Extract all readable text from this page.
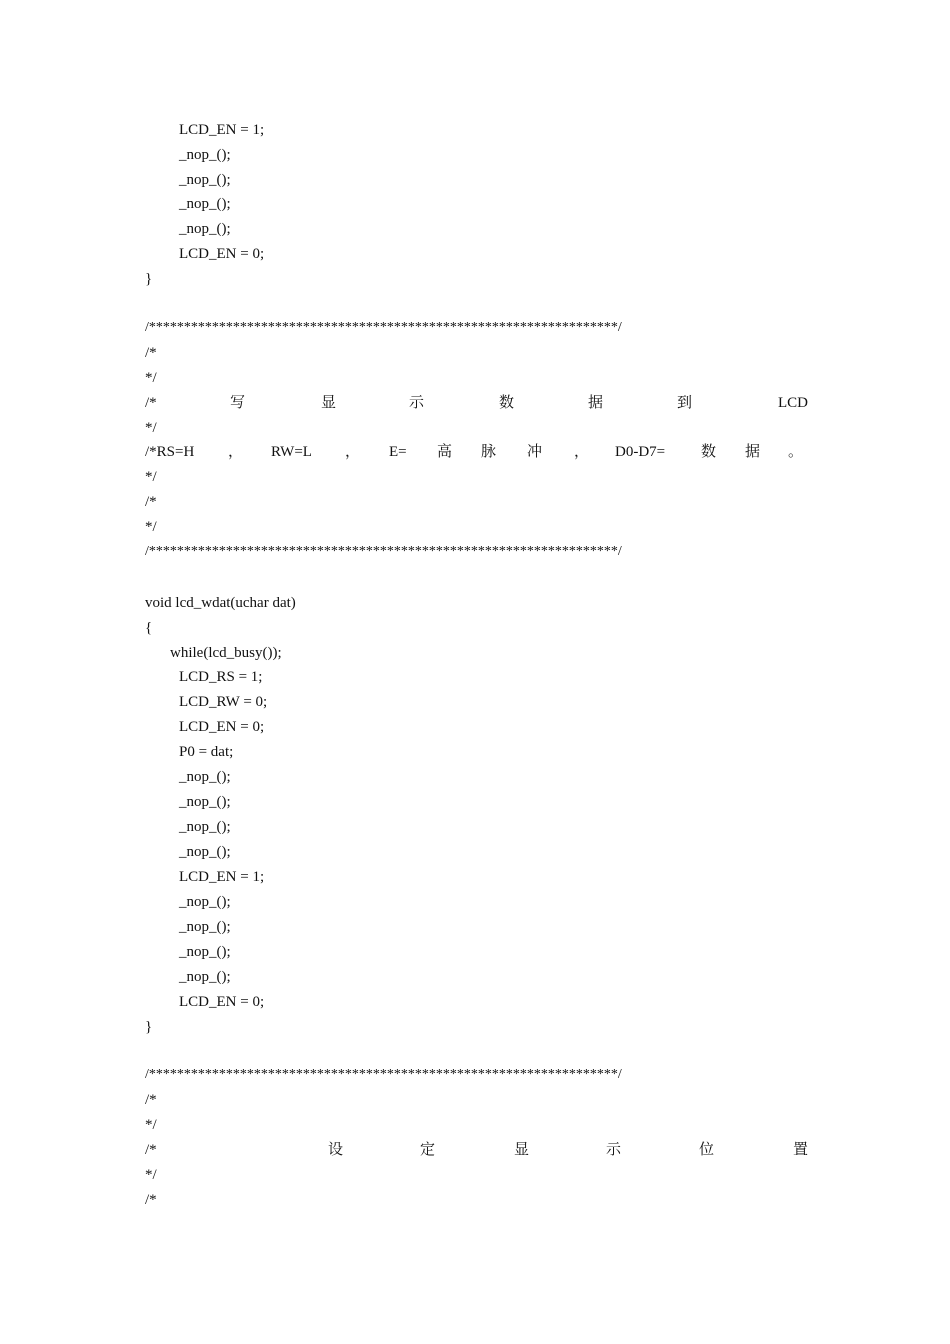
LCD_EN = 1;
_nop_();
_nop_();
_nop_();
_nop_();
LCD_EN = 0;
}
/*******************************************************************/
/*
*/
/*	写	显	示	数	据	到	LCD
*/
/*RS=H ， RW=L ， E= 高 脉 冲 ， D0-D7= 数 据 。
*/
/*
*/
/*******************************************************************/
void lcd_wdat(uchar dat)
{
while(lcd_busy());
LCD_RS = 1;
LCD_RW = 0;
LCD_EN = 0;
P0 = dat;
_nop_();
_nop_();
_nop_();
_nop_();
LCD_EN = 1;
_nop_();
_nop_();
_nop_();
_nop_();
LCD_EN = 0;
}
/*******************************************************************/
/*
*/
/*	设	定	显	示	位	置
*/
/*
